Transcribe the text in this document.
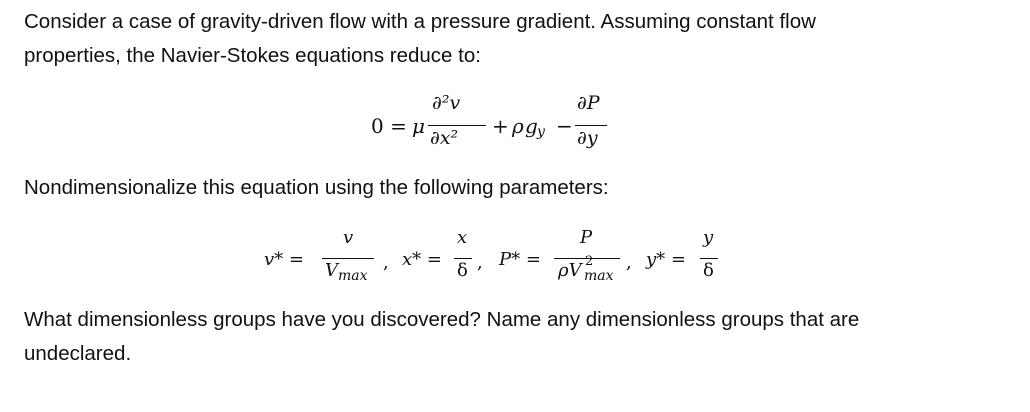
Consider a case of gravity-driven flow with a pressure gradient. Assuming constant flow
properties, the Navier-Stokes equations reduce to:
0 = μ
∂²v
∂x² + ρ g y −
∂P
∂y
Nondimensionalize this equation using the following parameters:
v* =
v
V max
, x* =
x
δ , P* =
P
ρV 2
max
, y* =
y
δ
What dimensionless groups have you discovered? Name any dimensionless groups that are
undeclared.
